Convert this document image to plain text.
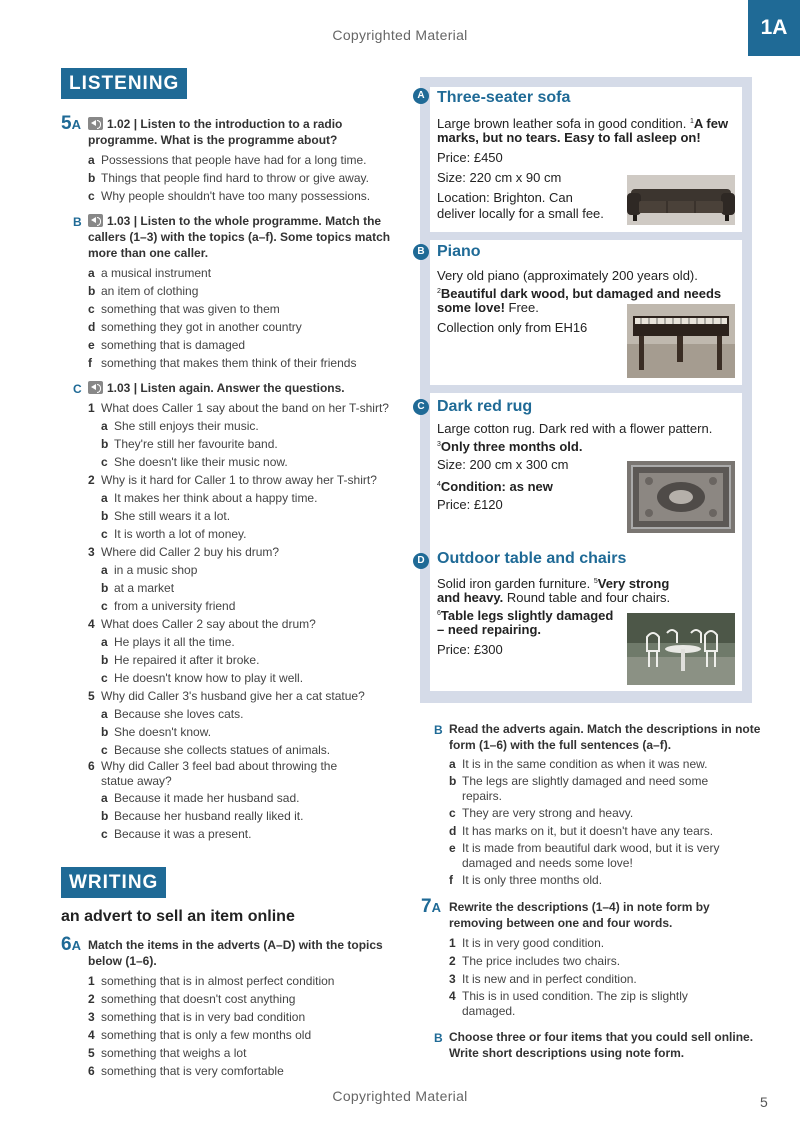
Copyrighted Material	1A
Copyrighted Material	5
LISTENING
5A	1.02 | Listen to the introduction to a radio
programme. What is the programme about?
a Possessions that people have had for a long time.
b Things that people find hard to throw or give away.
c Why people shouldn't have too many possessions.
B	1.03 | Listen to the whole programme. Match the
callers (1–3) with the topics (a–f). Some topics match
more than one caller.
a a musical instrument
b an item of clothing
c something that was given to them
d something they got in another country
e something that is damaged
f something that makes them think of their friends
C	1.03 | Listen again. Answer the questions.
1 What does Caller 1 say about the band on her T-shirt?
a She still enjoys their music.
b They're still her favourite band.
c She doesn't like their music now.
2 Why is it hard for Caller 1 to throw away her T-shirt?
a It makes her think about a happy time.
b She still wears it a lot.
c It is worth a lot of money.
3 Where did Caller 2 buy his drum?
a in a music shop
b at a market
c from a university friend
4 What does Caller 2 say about the drum?
a He plays it all the time.
b He repaired it after it broke.
c He doesn't know how to play it well.
5 Why did Caller 3's husband give her a cat statue?
a Because she loves cats.
b She doesn't know.
c Because she collects statues of animals.
6 Why did Caller 3 feel bad about throwing the
statue away?
a Because it made her husband sad.
b Because her husband really liked it.
c Because it was a present.
WRITING
an advert to sell an item online
6A Match the items in the adverts (A–D) with the topics
below (1–6).
1 something that is in almost perfect condition
2 something that doesn't cost anything
3 something that is in very bad condition
4 something that is only a few months old
5 something that weighs a lot
6 something that is very comfortable
Three-seater sofa
Large brown leather sofa in good condition. $^1$A few
marks, but no tears. Easy to fall asleep on!
Price: £450
Size: 220 cm x 90 cm
Location: Brighton. Can
deliver locally for a small fee.
Piano
Very old piano (approximately 200 years old).
$^2$Beautiful dark wood, but damaged and needs
some love! Free.
Collection only from EH16
Dark red rug
Large cotton rug. Dark red with a flower pattern.
$^3$Only three months old.
Size: 200 cm x 300 cm
$^4$Condition: as new
Price: £120
Outdoor table and chairs
Solid iron garden furniture. $^5$Very strong
and heavy. Round table and four chairs.
$^6$Table legs slightly damaged
– need repairing.
Price: £300
A
B
C
D
B Read the adverts again. Match the descriptions in note
form (1–6) with the full sentences (a–f).
a It is in the same condition as when it was new.
b The legs are slightly damaged and need some
repairs.
c They are very strong and heavy.
d It has marks on it, but it doesn't have any tears.
e It is made from beautiful dark wood, but it is very
damaged and needs some love!
f It is only three months old.
7A Rewrite the descriptions (1–4) in note form by
removing between one and four words.
1 It is in very good condition.
2 The price includes two chairs.
3 It is new and in perfect condition.
4 This is in used condition. The zip is slightly
damaged.
B Choose three or four items that you could sell online.
Write short descriptions using note form.
